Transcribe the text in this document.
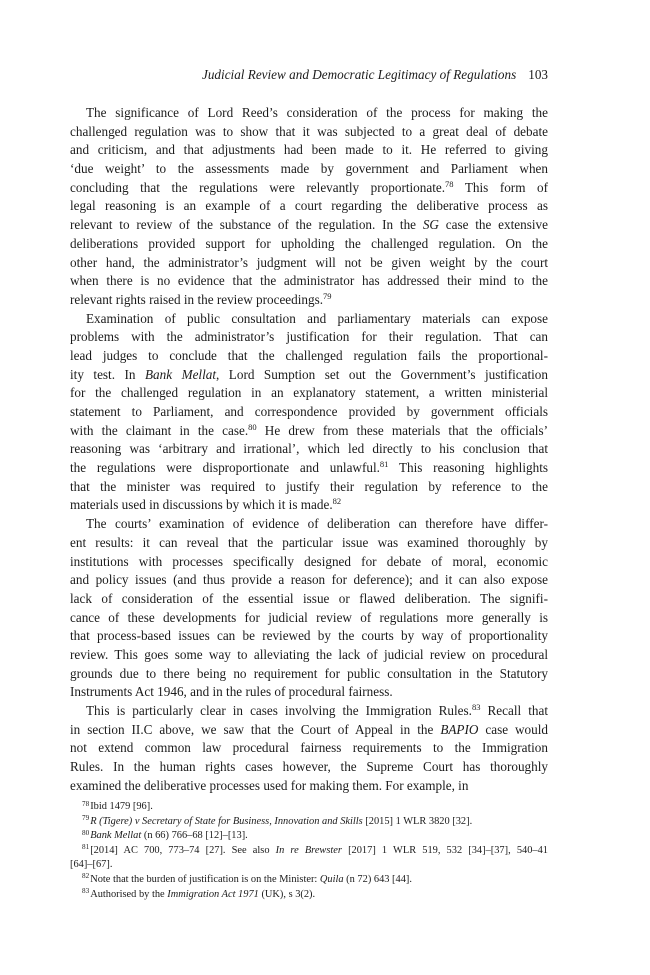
Judicial Review and Democratic Legitimacy of Regulations 103
The significance of Lord Reed’s consideration of the process for making the
challenged regulation was to show that it was subjected to a great deal of debate
and criticism, and that adjustments had been made to it. He referred to giving
‘due weight’ to the assessments made by government and Parliament when
concluding that the regulations were relevantly proportionate.$^{78}$ This form of
legal reasoning is an example of a court regarding the deliberative process as
relevant to review of the substance of the regulation. In the SG case the extensive
deliberations provided support for upholding the challenged regulation. On the
other hand, the administrator’s judgment will not be given weight by the court
when there is no evidence that the administrator has addressed their mind to the
relevant rights raised in the review proceedings.$^{79}$
Examination of public consultation and parliamentary materials can expose
problems with the administrator’s justification for their regulation. That can
lead judges to conclude that the challenged regulation fails the proportional-
ity test. In Bank Mellat, Lord Sumption set out the Government’s justification
for the challenged regulation in an explanatory statement, a written ministerial
statement to Parliament, and correspondence provided by government officials
with the claimant in the case.$^{80}$ He drew from these materials that the officials’
reasoning was ‘arbitrary and irrational’, which led directly to his conclusion that
the regulations were disproportionate and unlawful.$^{81}$ This reasoning highlights
that the minister was required to justify their regulation by reference to the
materials used in discussions by which it is made.$^{82}$
The courts’ examination of evidence of deliberation can therefore have differ-
ent results: it can reveal that the particular issue was examined thoroughly by
institutions with processes specifically designed for debate of moral, economic
and policy issues (and thus provide a reason for deference); and it can also expose
lack of consideration of the essential issue or flawed deliberation. The signifi-
cance of these developments for judicial review of regulations more generally is
that process-based issues can be reviewed by the courts by way of proportionality
review. This goes some way to alleviating the lack of judicial review on procedural
grounds due to there being no requirement for public consultation in the Statutory
Instruments Act 1946, and in the rules of procedural fairness.
This is particularly clear in cases involving the Immigration Rules.$^{83}$ Recall that
in section II.C above, we saw that the Court of Appeal in the BAPIO case would
not extend common law procedural fairness requirements to the Immigration
Rules. In the human rights cases however, the Supreme Court has thoroughly
examined the deliberative processes used for making them. For example, in
$^{78}$Ibid 1479 [96].
$^{79}$R (Tigere) v Secretary of State for Business, Innovation and Skills [2015] 1 WLR 3820 [32].
$^{80}$Bank Mellat (n 66) 766–68 [12]–[13].
$^{81}$[2014] AC 700, 773–74 [27]. See also In re Brewster [2017] 1 WLR 519, 532 [34]–[37], 540–41
[64]–[67].
$^{82}$Note that the burden of justification is on the Minister: Quila (n 72) 643 [44].
$^{83}$Authorised by the Immigration Act 1971 (UK), s 3(2).
